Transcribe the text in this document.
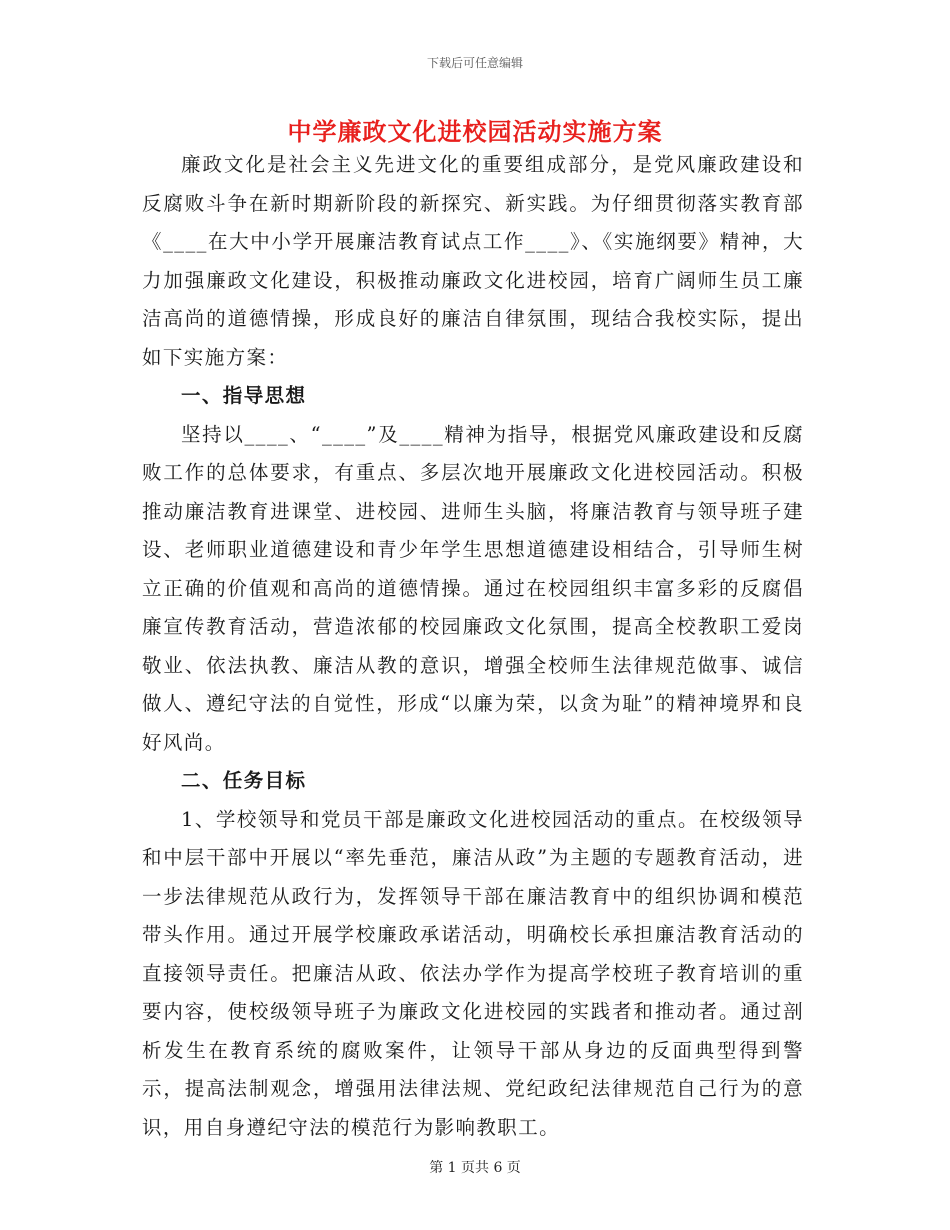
下载后可任意编辑
中学廉政文化进校园活动实施方案

廉政文化是社会主义先进文化的重要组成部分，是党风廉政建设和反腐败斗争在新时期新阶段的新探究、新实践。为仔细贯彻落实教育部《____在大中小学开展廉洁教育试点工作____》、《实施纲要》精神，大力加强廉政文化建设，积极推动廉政文化进校园，培育广阔师生员工廉洁高尚的道德情操，形成良好的廉洁自律氛围，现结合我校实际，提出如下实施方案：

一、指导思想

坚持以____、“____”及____精神为指导，根据党风廉政建设和反腐败工作的总体要求，有重点、多层次地开展廉政文化进校园活动。积极推动廉洁教育进课堂、进校园、进师生头脑，将廉洁教育与领导班子建设、老师职业道德建设和青少年学生思想道德建设相结合，引导师生树立正确的价值观和高尚的道德情操。通过在校园组织丰富多彩的反腐倡廉宣传教育活动，营造浓郁的校园廉政文化氛围，提高全校教职工爱岗敬业、依法执教、廉洁从教的意识，增强全校师生法律规范做事、诚信做人、遵纪守法的自觉性，形成“以廉为荣，以贪为耻”的精神境界和良好风尚。

二、任务目标

1、学校领导和党员干部是廉政文化进校园活动的重点。在校级领导和中层干部中开展以“率先垂范，廉洁从政”为主题的专题教育活动，进一步法律规范从政行为，发挥领导干部在廉洁教育中的组织协调和模范带头作用。通过开展学校廉政承诺活动，明确校长承担廉洁教育活动的直接领导责任。把廉洁从政、依法办学作为提高学校班子教育培训的重要内容，使校级领导班子为廉政文化进校园的实践者和推动者。通过剖析发生在教育系统的腐败案件，让领导干部从身边的反面典型得到警示，提高法制观念，增强用法律法规、党纪政纪法律规范自己行为的意识，用自身遵纪守法的模范行为影响教职工。

第 1 页共 6 页
